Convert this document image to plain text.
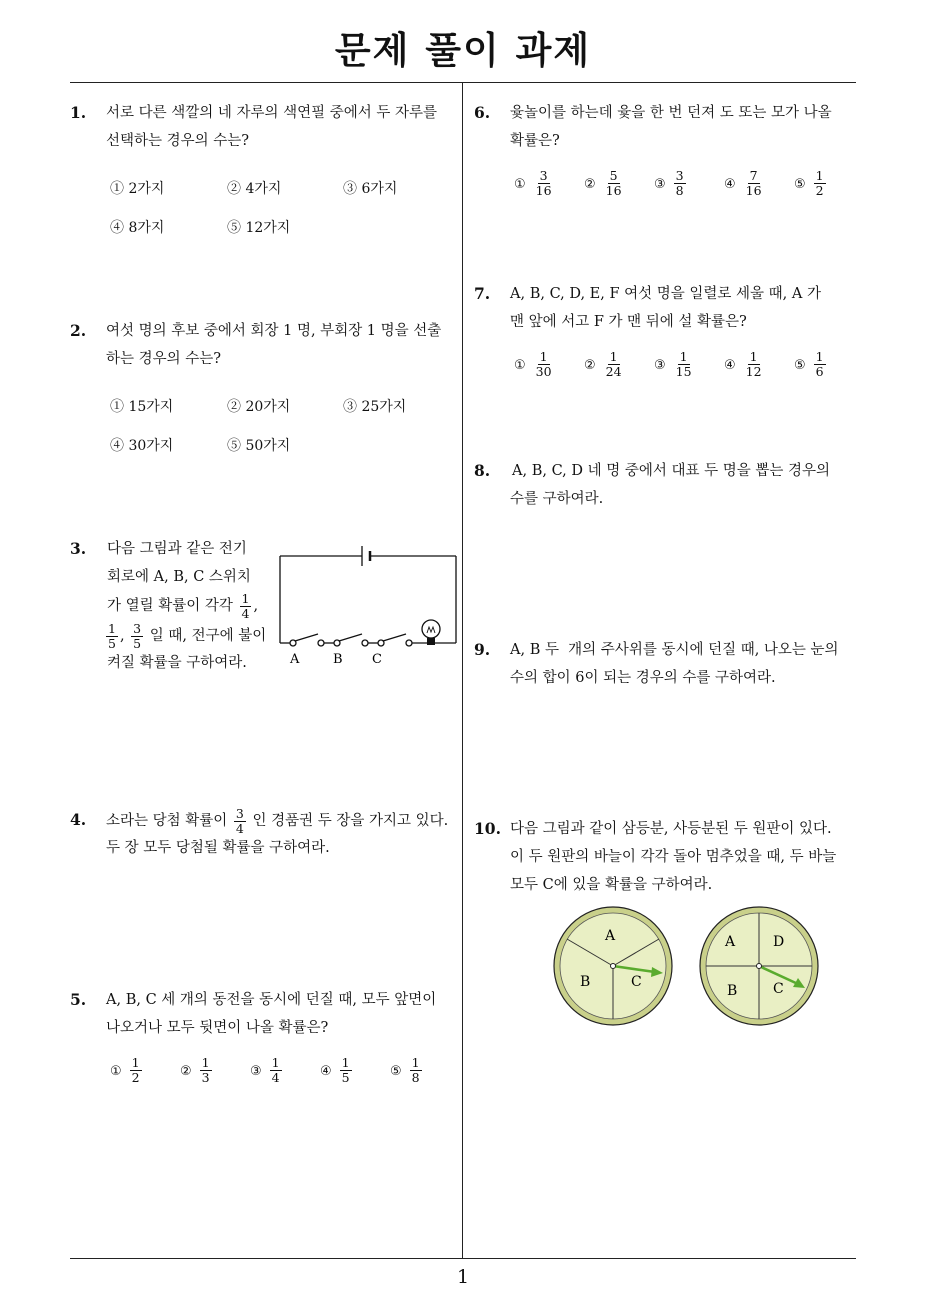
문제 풀이 과제
1
1. 서로 다른 색깔의 네 자루의 색연필 중에서 두 자루를
선택하는 경우의 수는?
① 2가지	② 4가지	③ 6가지
④ 8가지	⑤ 12가지
2. 여섯 명의 후보 중에서 회장 1 명, 부회장 1 명을 선출
하는 경우의 수는?
① 15가지	② 20가지	③ 25가지
④ 30가지	⑤ 50가지
3. 다음 그림과 같은 전기
회로에 A, B, C 스위치
가 열릴 확률이 각각 $\frac{1}{4}$ ,
$\frac{1}{5}$ , $\frac{3}{5}$ 일 때, 전구에 불이
켜질 확률을 구하여라.	A	B C
4. 소라는 당첨 확률이 $\frac{3}{4}$ 인 경품권 두 장을 가지고 있다.
두 장 모두 당첨될 확률을 구하여라.
5. A, B, C 세 개의 동전을 동시에 던질 때, 모두 앞면이
나오거나 모두 뒷면이 나올 확률은?
① $\frac{1}{2}$	② $\frac{1}{3}$	③ $\frac{1}{4}$	④ $\frac{1}{5}$	⑤ $\frac{1}{8}$
6. 윷놀이를 하는데 윷을 한 번 던져 도 또는 모가 나올
확률은?
① $\frac{3}{16}$ ② $\frac{5}{16}$ ③ $\frac{3}{8}$	④ $\frac{7}{16}$ ⑤ $\frac{1}{2}$
7. A, B, C, D, E, F 여섯 명을 일렬로 세울 때, A 가
맨 앞에 서고 F 가 맨 뒤에 설 확률은?
① $\frac{1}{30}$ ② $\frac{1}{24}$ ③ $\frac{1}{15}$ ④ $\frac{1}{12}$ ⑤ $\frac{1}{6}$
8. A, B, C, D 네 명 중에서 대표 두 명을 뽑는 경우의
수를 구하여라.
9. A, B 두  개의 주사위를 동시에 던질 때, 나오는 눈의
수의 합이 6이 되는 경우의 수를 구하여라.
10. 다음 그림과 같이 삼등분, 사등분된 두 원판이 있다.
이 두 원판의 바늘이 각각 돌아 멈추었을 때, 두 바늘
모두 C에 있을 확률을 구하여라.
A
B	C
A	D
B	C
